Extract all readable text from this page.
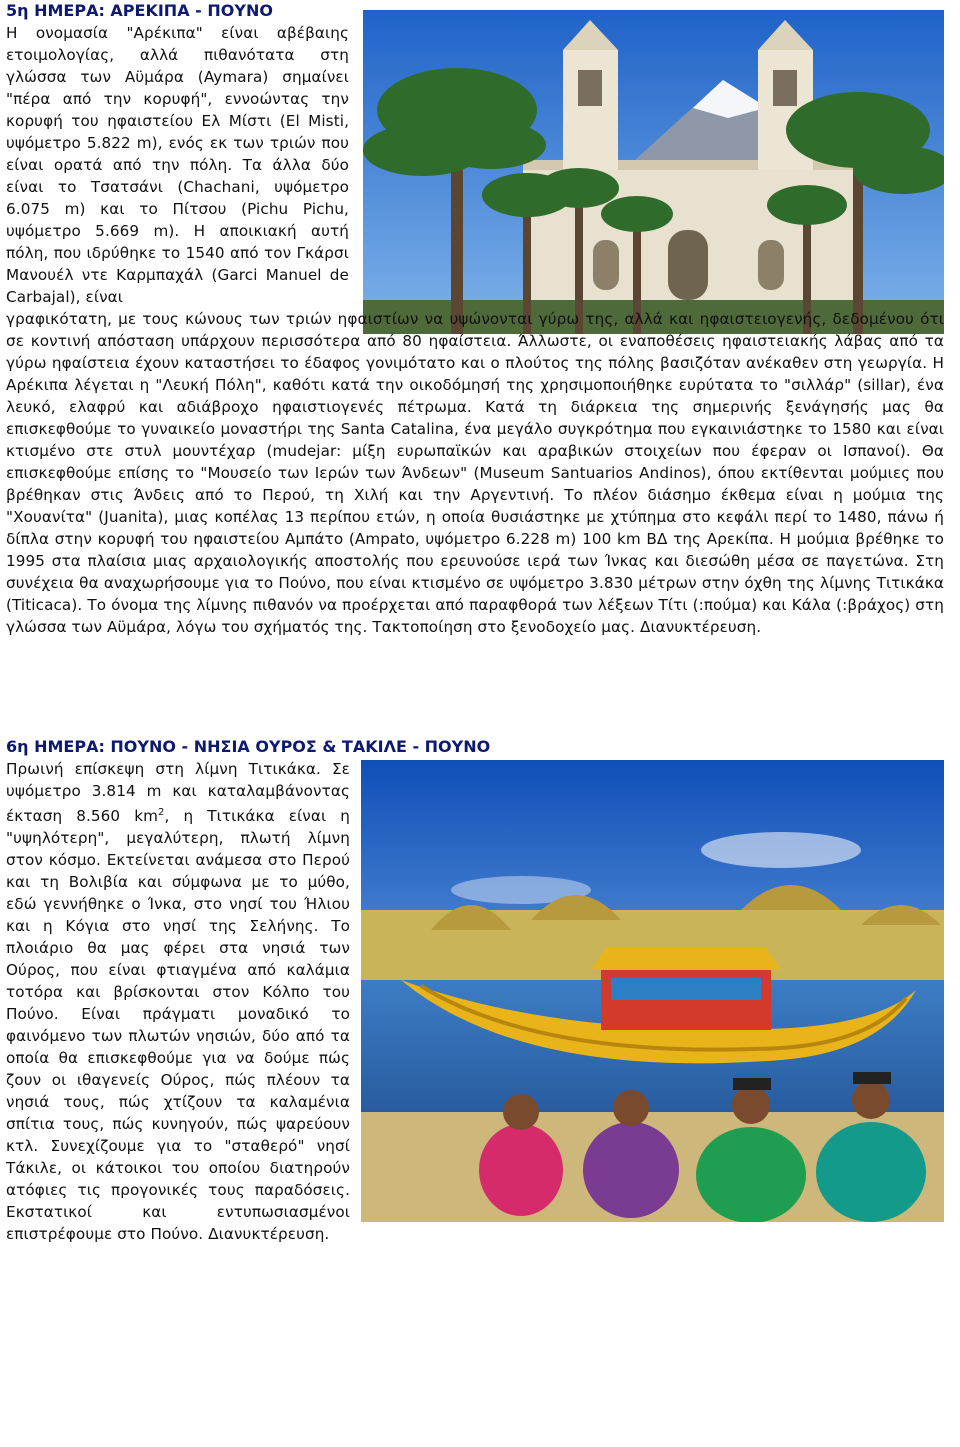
5η ΗΜΕΡΑ: ΑΡΕΚΙΠΑ - ΠΟΥΝΟ

Η ονομασία "Αρέκιπα" είναι αβέβαιης ετοιμολογίας, αλλά πιθανότατα στη γλώσσα των Αϋμάρα (Aymara) σημαίνει "πέρα από την κορυφή", εννοώντας την κορυφή του ηφαιστείου Ελ Μίστι (El Misti, υψόμετρο 5.822 m), ενός εκ των τριών που είναι ορατά από την πόλη. Τα άλλα δύο είναι το Τσατσάνι (Chachani, υψόμετρο 6.075 m) και το Πίτσου (Pichu Pichu, υψόμετρο 5.669 m). Η αποικιακή αυτή πόλη, που ιδρύθηκε το 1540 από τον Γκάρσι Μανουέλ ντε Καρμπαχάλ (Garci Manuel de Carbajal), είναι

γραφικότατη, με τους κώνους των τριών ηφαιστίων να υψώνονται γύρω της, αλλά και ηφαιστειογενής, δεδομένου ότι σε κοντινή απόσταση υπάρχουν περισσότερα από 80 ηφαίστεια. Άλλωστε, οι εναποθέσεις ηφαιστειακής λάβας από τα γύρω ηφαίστεια έχουν καταστήσει το έδαφος γονιμότατο και ο πλούτος της πόλης βασιζόταν ανέκαθεν στη γεωργία. Η Αρέκιπα λέγεται η "Λευκή Πόλη", καθότι κατά την οικοδόμησή της χρησιμοποιήθηκε ευρύτατα το "σιλλάρ" (sillar), ένα λευκό, ελαφρύ και αδιάβροχο ηφαιστιογενές πέτρωμα. Κατά τη διάρκεια της σημερινής ξενάγησής μας θα επισκεφθούμε το γυναικείο μοναστήρι της Santa Catalina, ένα μεγάλο συγκρότημα που εγκαινιάστηκε το 1580 και είναι κτισμένο στε στυλ μουντέχαρ (mudejar: μίξη ευρωπαϊκών και αραβικών στοιχείων που έφεραν οι Ισπανοί). Θα επισκεφθούμε επίσης το "Μουσείο των Ιερών των Άνδεων" (Museum Santuarios Andinos), όπου εκτίθενται μούμιες που βρέθηκαν στις Άνδεις από το Περού, τη Χιλή και την Αργεντινή. Το πλέον διάσημο έκθεμα είναι η μούμια της "Χουανίτα" (Juanita), μιας κοπέλας 13 περίπου ετών, η οποία θυσιάστηκε με χτύπημα στο κεφάλι περί το 1480, πάνω ή δίπλα στην κορυφή του ηφαιστείου Αμπάτο (Ampato, υψόμετρο 6.228 m) 100 km ΒΔ της Αρεκίπα. Η μούμια βρέθηκε το 1995 στα πλαίσια μιας αρχαιολογικής αποστολής που ερευνούσε ιερά των Ίνκας και διεσώθη μέσα σε παγετώνα. Στη συνέχεια θα αναχωρήσουμε για το Πούνο, που είναι κτισμένο σε υψόμετρο 3.830 μέτρων στην όχθη της λίμνης Τιτικάκα (Titicaca). Το όνομα της λίμνης πιθανόν να προέρχεται από παραφθορά των λέξεων Τίτι (:πούμα) και Κάλα (:βράχος) στη γλώσσα των Αϋμάρα, λόγω του σχήματός της. Τακτοποίηση στο ξενοδοχείο μας. Διανυκτέρευση.

6η ΗΜΕΡΑ: ΠΟΥΝΟ - ΝΗΣΙΑ ΟΥΡΟΣ & ΤΑΚΙΛΕ - ΠΟΥΝΟ

Πρωινή επίσκεψη στη λίμνη Τιτικάκα. Σε υψόμετρο 3.814 m και καταλαμβάνοντας έκταση 8.560 $km^2$, η Τιτικάκα είναι η "υψηλότερη", μεγαλύτερη, πλωτή λίμνη στον κόσμο. Εκτείνεται ανάμεσα στο Περού και τη Βολιβία και σύμφωνα με το μύθο, εδώ γεννήθηκε ο Ίνκα, στο νησί του Ήλιου και η Κόγια στο νησί της Σελήνης. Το πλοιάριο θα μας φέρει στα νησιά των Ούρος, που είναι φτιαγμένα από καλάμια τοτόρα και βρίσκονται στον Κόλπο του Πούνο. Είναι πράγματι μοναδικό το φαινόμενο των πλωτών νησιών, δύο από τα οποία θα επισκεφθούμε για να δούμε πώς ζουν οι ιθαγενείς Ούρος, πώς πλέουν τα νησιά τους, πώς χτίζουν τα καλαμένια σπίτια τους, πώς κυνηγούν, πώς ψαρεύουν κτλ. Συνεχίζουμε για το "σταθερό" νησί Τάκιλε, οι κάτοικοι του οποίου διατηρούν ατόφιες τις προγονικές τους παραδόσεις. Εκστατικοί και εντυπωσιασμένοι επιστρέφουμε στο Πούνο. Διανυκτέρευση.
